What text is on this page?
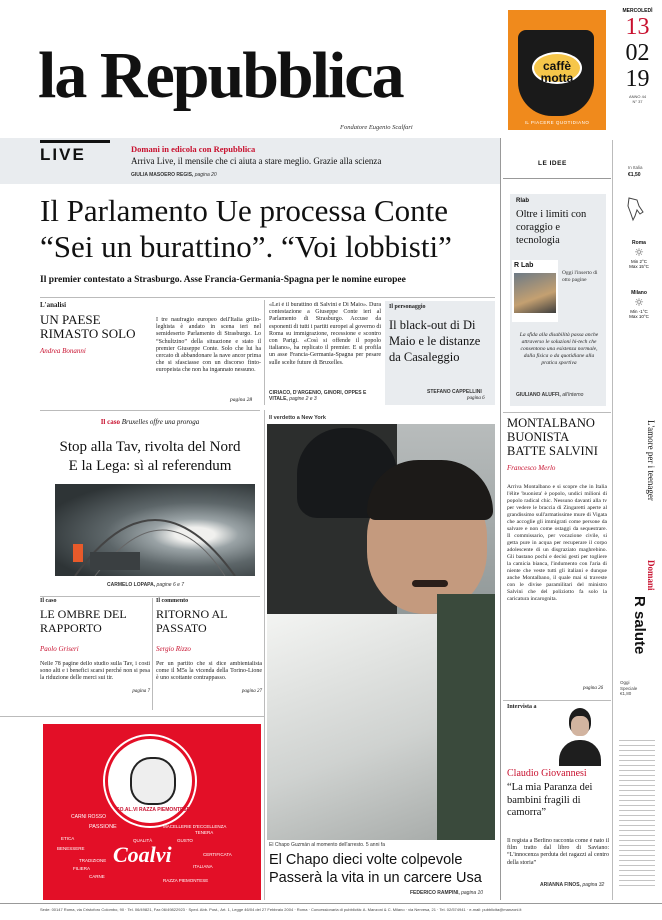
la Repubblica
Fondatore Eugenio Scalfari
caffè motta
IL PIACERE QUOTIDIANO
MERCOLEDÌ
13
02
19
ANNO 44
N° 37
In Italia
€1,50
LIVE	Domani in edicola con Repubblica
Arriva Live, il mensile che ci aiuta a stare meglio. Grazie alla scienza
GIULIA MASOERO REGIS, pagina 20
LE IDEE
Il Parlamento Ue processa Conte
“Sei un burattino”. “Voi lobbisti”
Il premier contestato a Strasburgo. Asse Francia-Germania-Spagna per le nomine europee
L'analisi
UN PAESE RIMASTO SOLO
Andrea Bonanni
I tre naufragio europeo dell'Italia grillo-leghista è andato in scena ieri nel semideserto Parlamento di Strasburgo. Lo “Schultzino” della situazione e stato il premier Giuseppe Conte. Solo che lui ha cercato di abbandonare la nave ancor prima che si sfasciasse con un discorso finto-europeista che non ha ingannato nessuno.
pagina 28
«Lei è il burattino di Salvini e Di Maio». Dura contestazione a Giuseppe Conte ieri al Parlamento di Strasburgo. Accuse da esponenti di tutti i partiti europei al governo di Roma su immigrazione, recessione e scontro con Parigi. «Così si offende il popolo italiano», ha replicato il premier. E si profila un asse Francia-Germania-Spagna per pesare sulle scelte future di Bruxelles.
CIRIACO, D'ARGENIO, GINORI, OPPES E VITALE, pagine 2 e 3
Il personaggio
Il black-out di Di Maio e le distanze da Casaleggio
STEFANO CAPPELLINI
pagina 6
Rlab
Oltre i limiti con coraggio e tecnologia
R Lab
Oggi l'inserto di otto pagine
La sfida alla disabilità passa anche attraverso le soluzioni hi-tech che consentono una esistenza normale, dalla fisica o da quotidiane alla pratica sportiva
GIULIANO ALUFFI, all'interno
Roma
☼
Min 2°C
Max 15°C
Milano
☼
Min -1°C
Max 10°C
Il caso Bruxelles offre una proroga
Stop alla Tav, rivolta del Nord
E la Lega: sì al referendum
CARMELO LOPAPA, pagine 6 e 7
Il caso
LE OMBRE DEL RAPPORTO
Paolo Griseri
Nelle 78 pagine dello studio sulla Tav, i costi sono alti e i benefici scarsi perché non si pesa la riduzione delle merci sui tir.
pagina 7
Il commento
RITORNO AL PASSATO
Sergio Rizzo
Per un partito che si dice ambientalista come il M5s la vicenda della Torino-Lione è uno scottante contrappasso.
pagina 27
CO.AL.VI RAZZA PIEMONTESE
CARNI ROSSO
PASSIONE
ETICA
BENESSERE
MACELLERIE D'ECCELLENZA
QUALITÀ	GUSTO
Coalvi
TRADIZIONE
ITALIANA
CERTIFICATA
CARNE
RAZZA PIEMONTESE
FILIERA
TENERA
Il verdetto a New York
El Chapo Guzmán al momento dell'arresto. 5 anni fa
El Chapo dieci volte colpevole
Passerà la vita in un carcere Usa
FEDERICO RAMPINI, pagina 10
MONTALBANO BUONISTA BATTE SALVINI
Francesco Merlo
Arriva Montalbano e si scopre che in Italia l'élite 'buonista' è popolo, undici milioni di popolo radical chic. Nessuno davanti alla tv per vedere le braccia di Zingaretti aperte al grandissimo sull'armatissime mure di Vigata che accoglie gli immigrati come persone da salvare e non come ostaggi da sequestrare. Il commissario, per vocazione civile, si getta pure in acqua per recuperare il corpo adolescente di un disgraziato maghrebino. Gli bastano pochi e decisi gesti per togliere la camicia bianca, l'indumento con l'aria di niente che veste tutti gli italiani e dunque anche Montalbano, il quale mai si traveste con le divise paramilitari del ministro Salvini che del poliziotto fa solo la caricatura incarognita.
pagina 26
Intervista a
Claudio Giovannesi
“La mia Paranza dei bambini fragili di camorra”
Il regista a Berlino racconta come è nato il film tratto dal libro di Saviano: “L'innocenza perduta dei ragazzi al centro della storia”
ARIANNA FINOS, pagina 32
L'amore per i teenager
Domani
R salute
Oggi
Speciale
€1,80
Sede: 00147 Roma, via Cristoforo Colombo, 90 · Tel. 06/49821, Fax 06/49822923 · Sped. Abb. Post., Art. 1, Legge 46/04 del 27 Febbraio 2004 · Roma · Concessionaria di pubblicità: A. Manzoni & C. Milano · via Nervesa, 21 · Tel. 02/574941 · e-mail: pubblicita@manzoni.it
